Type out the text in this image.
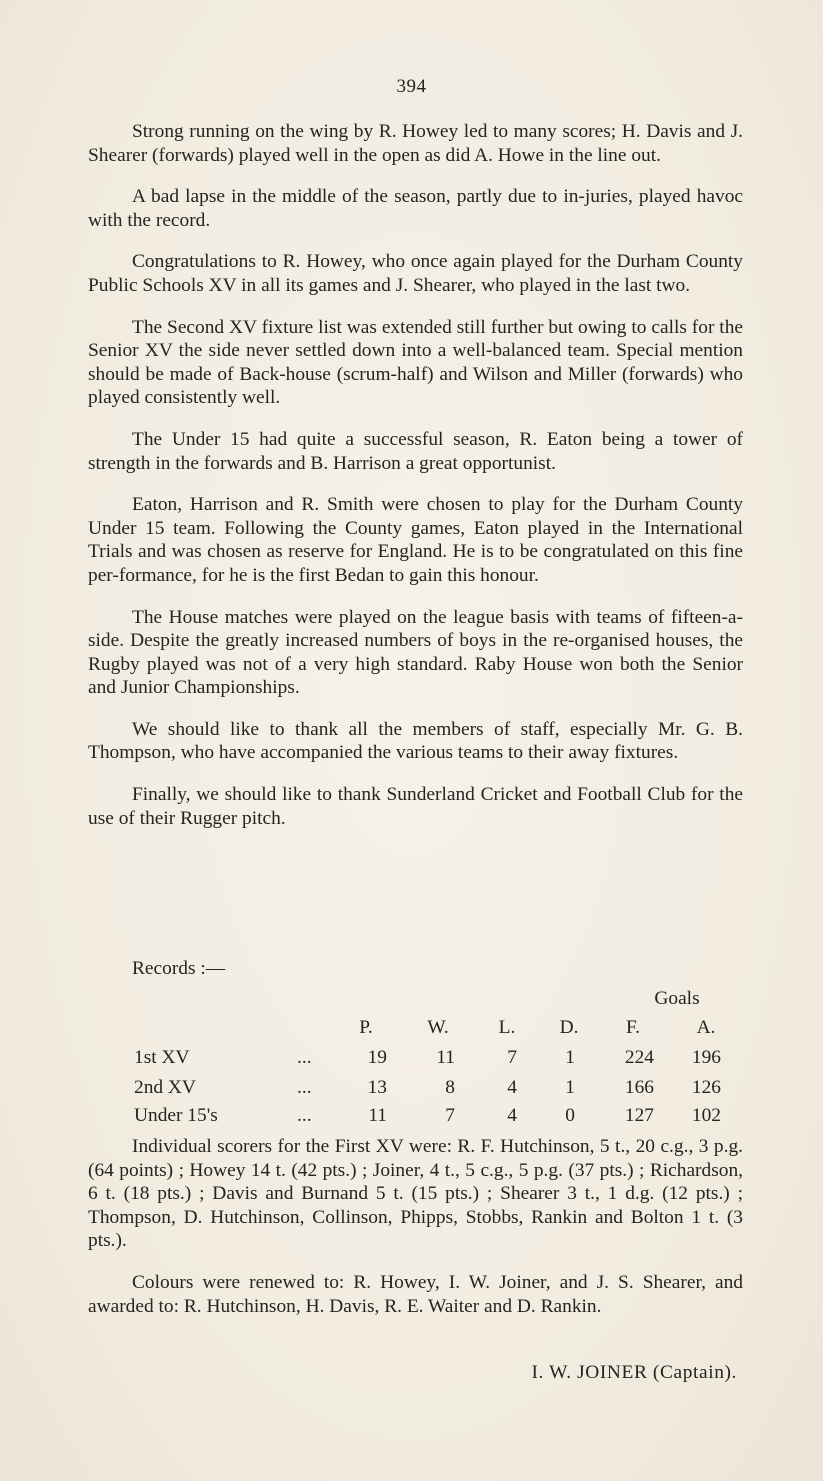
394

Strong running on the wing by R. Howey led to many scores; H. Davis and J. Shearer (forwards) played well in the open as did A. Howe in the line out.

A bad lapse in the middle of the season, partly due to in-juries, played havoc with the record.

Congratulations to R. Howey, who once again played for the Durham County Public Schools XV in all its games and J. Shearer, who played in the last two.

The Second XV fixture list was extended still further but owing to calls for the Senior XV the side never settled down into a well-balanced team. Special mention should be made of Back-house (scrum-half) and Wilson and Miller (forwards) who played consistently well.

The Under 15 had quite a successful season, R. Eaton being a tower of strength in the forwards and B. Harrison a great opportunist.

Eaton, Harrison and R. Smith were chosen to play for the Durham County Under 15 team. Following the County games, Eaton played in the International Trials and was chosen as reserve for England. He is to be congratulated on this fine per-formance, for he is the first Bedan to gain this honour.

The House matches were played on the league basis with teams of fifteen-a-side. Despite the greatly increased numbers of boys in the re-organised houses, the Rugby played was not of a very high standard. Raby House won both the Senior and Junior Championships.

We should like to thank all the members of staff, especially Mr. G. B. Thompson, who have accompanied the various teams to their away fixtures.

Finally, we should like to thank Sunderland Cricket and Football Club for the use of their Rugger pitch.

Records :—
Goals
P.	W.	L. D. F.	A.
1st XV	...	19	11	7 1	224 196
2nd XV	...	13	8	4 1	166 126
Under 15's	...	11	7	4 0	127 102

Individual scorers for the First XV were: R. F. Hutchinson, 5 t., 20 c.g., 3 p.g. (64 points) ; Howey 14 t. (42 pts.) ; Joiner, 4 t., 5 c.g., 5 p.g. (37 pts.) ; Richardson, 6 t. (18 pts.) ; Davis and Burnand 5 t. (15 pts.) ; Shearer 3 t., 1 d.g. (12 pts.) ; Thompson, D. Hutchinson, Collinson, Phipps, Stobbs, Rankin and Bolton 1 t. (3 pts.).

Colours were renewed to: R. Howey, I. W. Joiner, and J. S. Shearer, and awarded to: R. Hutchinson, H. Davis, R. E. Waiter and D. Rankin.

I. W. JOINER (Captain).
